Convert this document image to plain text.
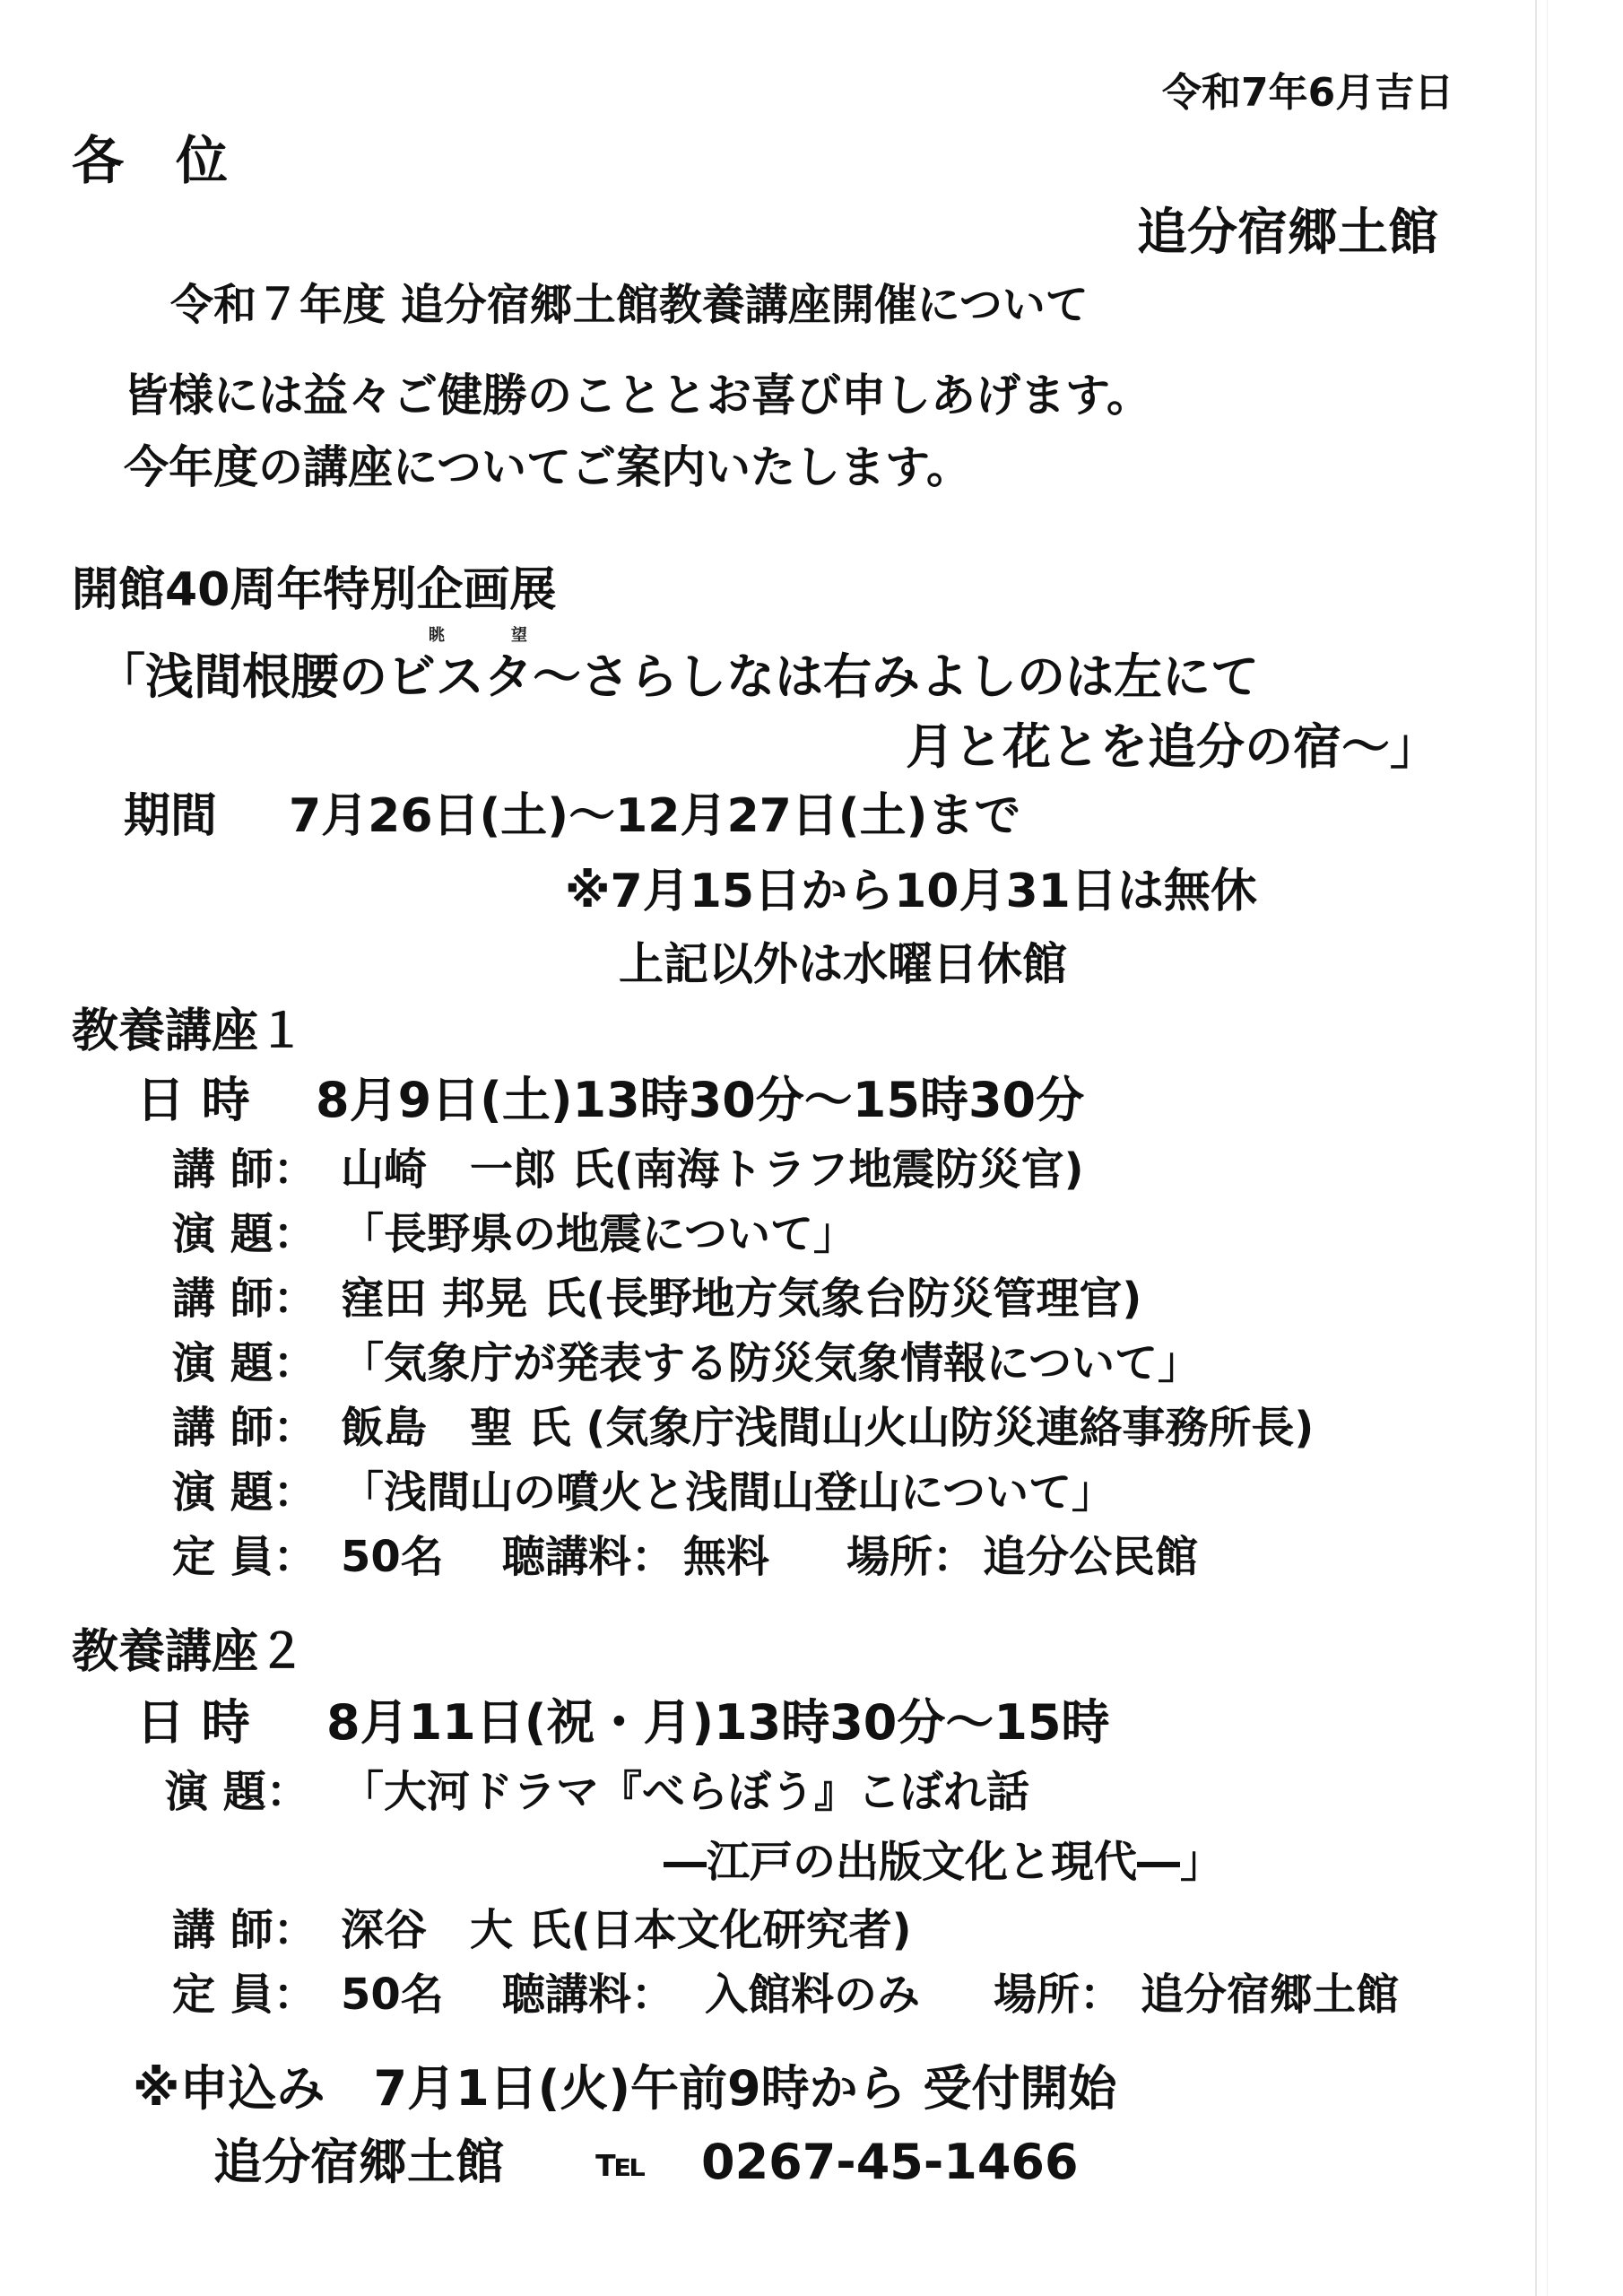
令和7年6月吉日
各　位
追分宿郷土館
令和７年度 追分宿郷土館教養講座開催について
皆様には益々ご健勝のこととお喜び申しあげます。
今年度の講座についてご案内いたします。
開館40周年特別企画展
眺	望
「浅間根腰のビスタ～さらしなは右みよしのは左にて
月と花とを追分の宿～」
期間 7月26日(土)～12月27日(土)まで
※7月15日から10月31日は無休
上記以外は水曜日休館
教養講座１
日 時 8月9日(土)13時30分～15時30分
講 師： 山崎　一郎 氏(南海トラフ地震防災官)
演 題： 「長野県の地震について」
講 師： 窪田 邦晃 氏(長野地方気象台防災管理官)
演 題： 「気象庁が発表する防災気象情報について」
講 師： 飯島　聖 氏 (気象庁浅間山火山防災連絡事務所長)
演 題： 「浅間山の噴火と浅間山登山について」
定 員： 50名 聴講料： 無料 場所： 追分公民館
教養講座２
日 時 8月11日(祝・月)13時30分～15時
演 題： 「大河ドラマ『べらぼう』こぼれ話
―江戸の出版文化と現代―」
講 師： 深谷　大 氏(日本文化研究者)
定 員： 50名 聴講料： 入館料のみ 場所： 追分宿郷土館
※申込み　7月1日(火)午前9時から 受付開始
追分宿郷土館 ℡ 0267-45-1466
